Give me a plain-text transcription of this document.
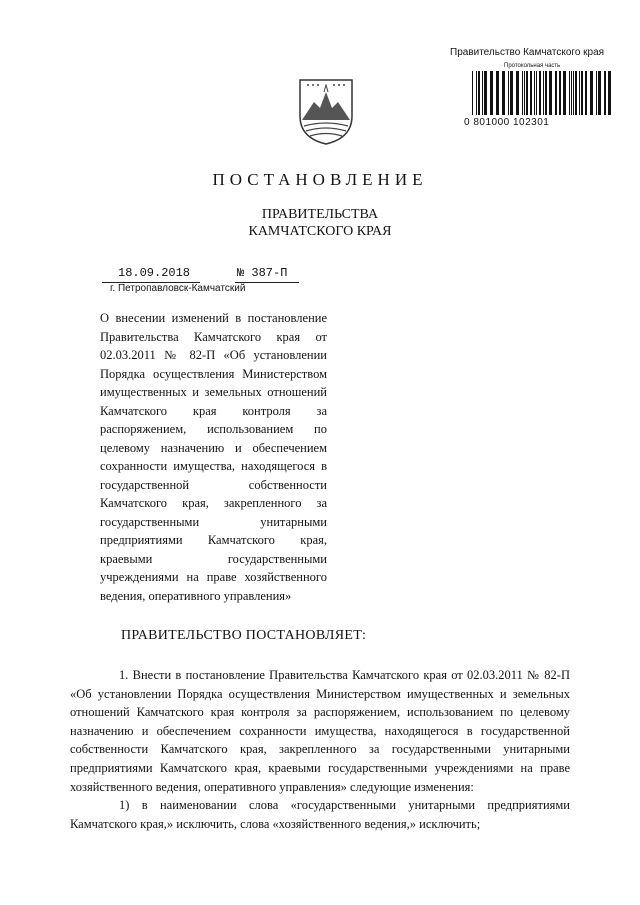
Правительство Камчатского края
Протокольная часть
0 801000 102301
ПОСТАНОВЛЕНИЕ
ПРАВИТЕЛЬСТВА
КАМЧАТСКОГО КРАЯ
18.09.2018	№ 387-П
г. Петропавловск-Камчатский
О внесении изменений в постановление Правительства Камчатского края от 02.03.2011 № 82-П «Об установлении Порядка осуществления Министерством имущественных и земельных отношений Камчатского края контроля за распоряжением, использованием по целевому назначению и обеспечением сохранности имущества, находящегося в государственной собственности Камчатского края, закрепленного за государственными унитарными предприятиями Камчатского края, краевыми государственными учреждениями на праве хозяйственного ведения, оперативного управления»
ПРАВИТЕЛЬСТВО ПОСТАНОВЛЯЕТ:
1. Внести в постановление Правительства Камчатского края от 02.03.2011 № 82-П «Об установлении Порядка осуществления Министерством имущественных и земельных отношений Камчатского края контроля за распоряжением, использованием по целевому назначению и обеспечением сохранности имущества, находящегося в государственной собственности Камчатского края, закрепленного за государственными унитарными предприятиями Камчатского края, краевыми государственными учреждениями на праве хозяйственного ведения, оперативного управления» следующие изменения:
1) в наименовании слова «государственными унитарными предприятиями Камчатского края,» исключить, слова «хозяйственного ведения,» исключить;
